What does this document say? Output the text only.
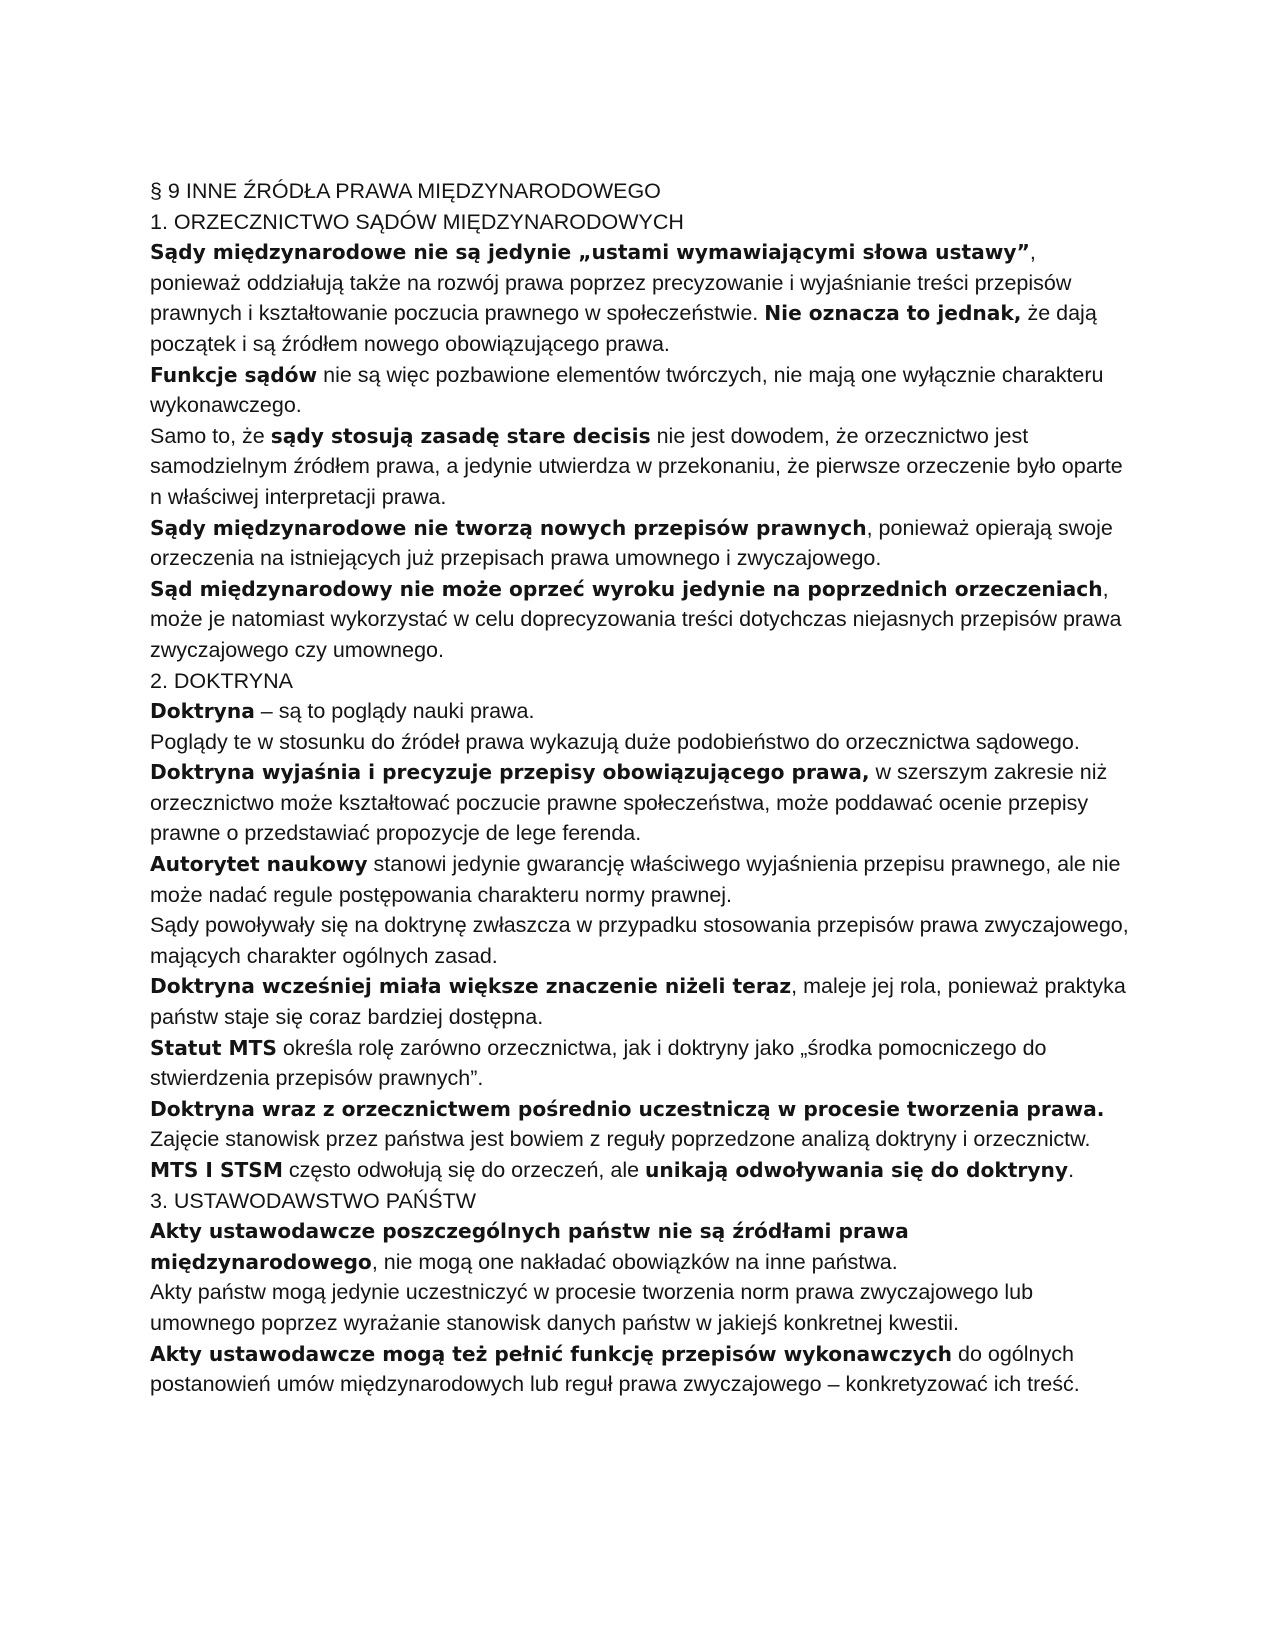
§ 9 INNE ŹRÓDŁA PRAWA MIĘDZYNARODOWEGO

1. ORZECZNICTWO SĄDÓW MIĘDZYNARODOWYCH

Sądy międzynarodowe nie są jedynie „ustami wymawiającymi słowa ustawy”, ponieważ oddziałują także na rozwój prawa poprzez precyzowanie i wyjaśnianie treści przepisów prawnych i kształtowanie poczucia prawnego w społeczeństwie. Nie oznacza to jednak, że dają początek i są źródłem nowego obowiązującego prawa.

Funkcje sądów nie są więc pozbawione elementów twórczych, nie mają one wyłącznie charakteru wykonawczego.

Samo to, że sądy stosują zasadę stare decisis nie jest dowodem, że orzecznictwo jest samodzielnym źródłem prawa, a jedynie utwierdza w przekonaniu, że pierwsze orzeczenie było oparte n właściwej interpretacji prawa.

Sądy międzynarodowe nie tworzą nowych przepisów prawnych, ponieważ opierają swoje orzeczenia na istniejących już przepisach prawa umownego i zwyczajowego.

Sąd międzynarodowy nie może oprzeć wyroku jedynie na poprzednich orzeczeniach, może je natomiast wykorzystać w celu doprecyzowania treści dotychczas niejasnych przepisów prawa zwyczajowego czy umownego.

2. DOKTRYNA

Doktryna – są to poglądy nauki prawa.

Poglądy te w stosunku do źródeł prawa wykazują duże podobieństwo do orzecznictwa sądowego.

Doktryna wyjaśnia i precyzuje przepisy obowiązującego prawa, w szerszym zakresie niż orzecznictwo może kształtować poczucie prawne społeczeństwa, może poddawać ocenie przepisy prawne o przedstawiać propozycje de lege ferenda.

Autorytet naukowy stanowi jedynie gwarancję właściwego wyjaśnienia przepisu prawnego, ale nie może nadać regule postępowania charakteru normy prawnej.

Sądy powoływały się na doktrynę zwłaszcza w przypadku stosowania przepisów prawa zwyczajowego, mających charakter ogólnych zasad.

Doktryna wcześniej miała większe znaczenie niżeli teraz, maleje jej rola, ponieważ praktyka państw staje się coraz bardziej dostępna.

Statut MTS określa rolę zarówno orzecznictwa, jak i doktryny jako „środka pomocniczego do stwierdzenia przepisów prawnych”.

Doktryna wraz z orzecznictwem pośrednio uczestniczą w procesie tworzenia prawa. Zajęcie stanowisk przez państwa jest bowiem z reguły poprzedzone analizą doktryny i orzecznictw.

MTS I STSM często odwołują się do orzeczeń, ale unikają odwoływania się do doktryny.

3. USTAWODAWSTWO PAŃŚTW

Akty ustawodawcze poszczególnych państw nie są źródłami prawa międzynarodowego, nie mogą one nakładać obowiązków na inne państwa.

Akty państw mogą jedynie uczestniczyć w procesie tworzenia norm prawa zwyczajowego lub umownego poprzez wyrażanie stanowisk danych państw w jakiejś konkretnej kwestii.

Akty ustawodawcze mogą też pełnić funkcję przepisów wykonawczych do ogólnych postanowień umów międzynarodowych lub reguł prawa zwyczajowego – konkretyzować ich treść.
